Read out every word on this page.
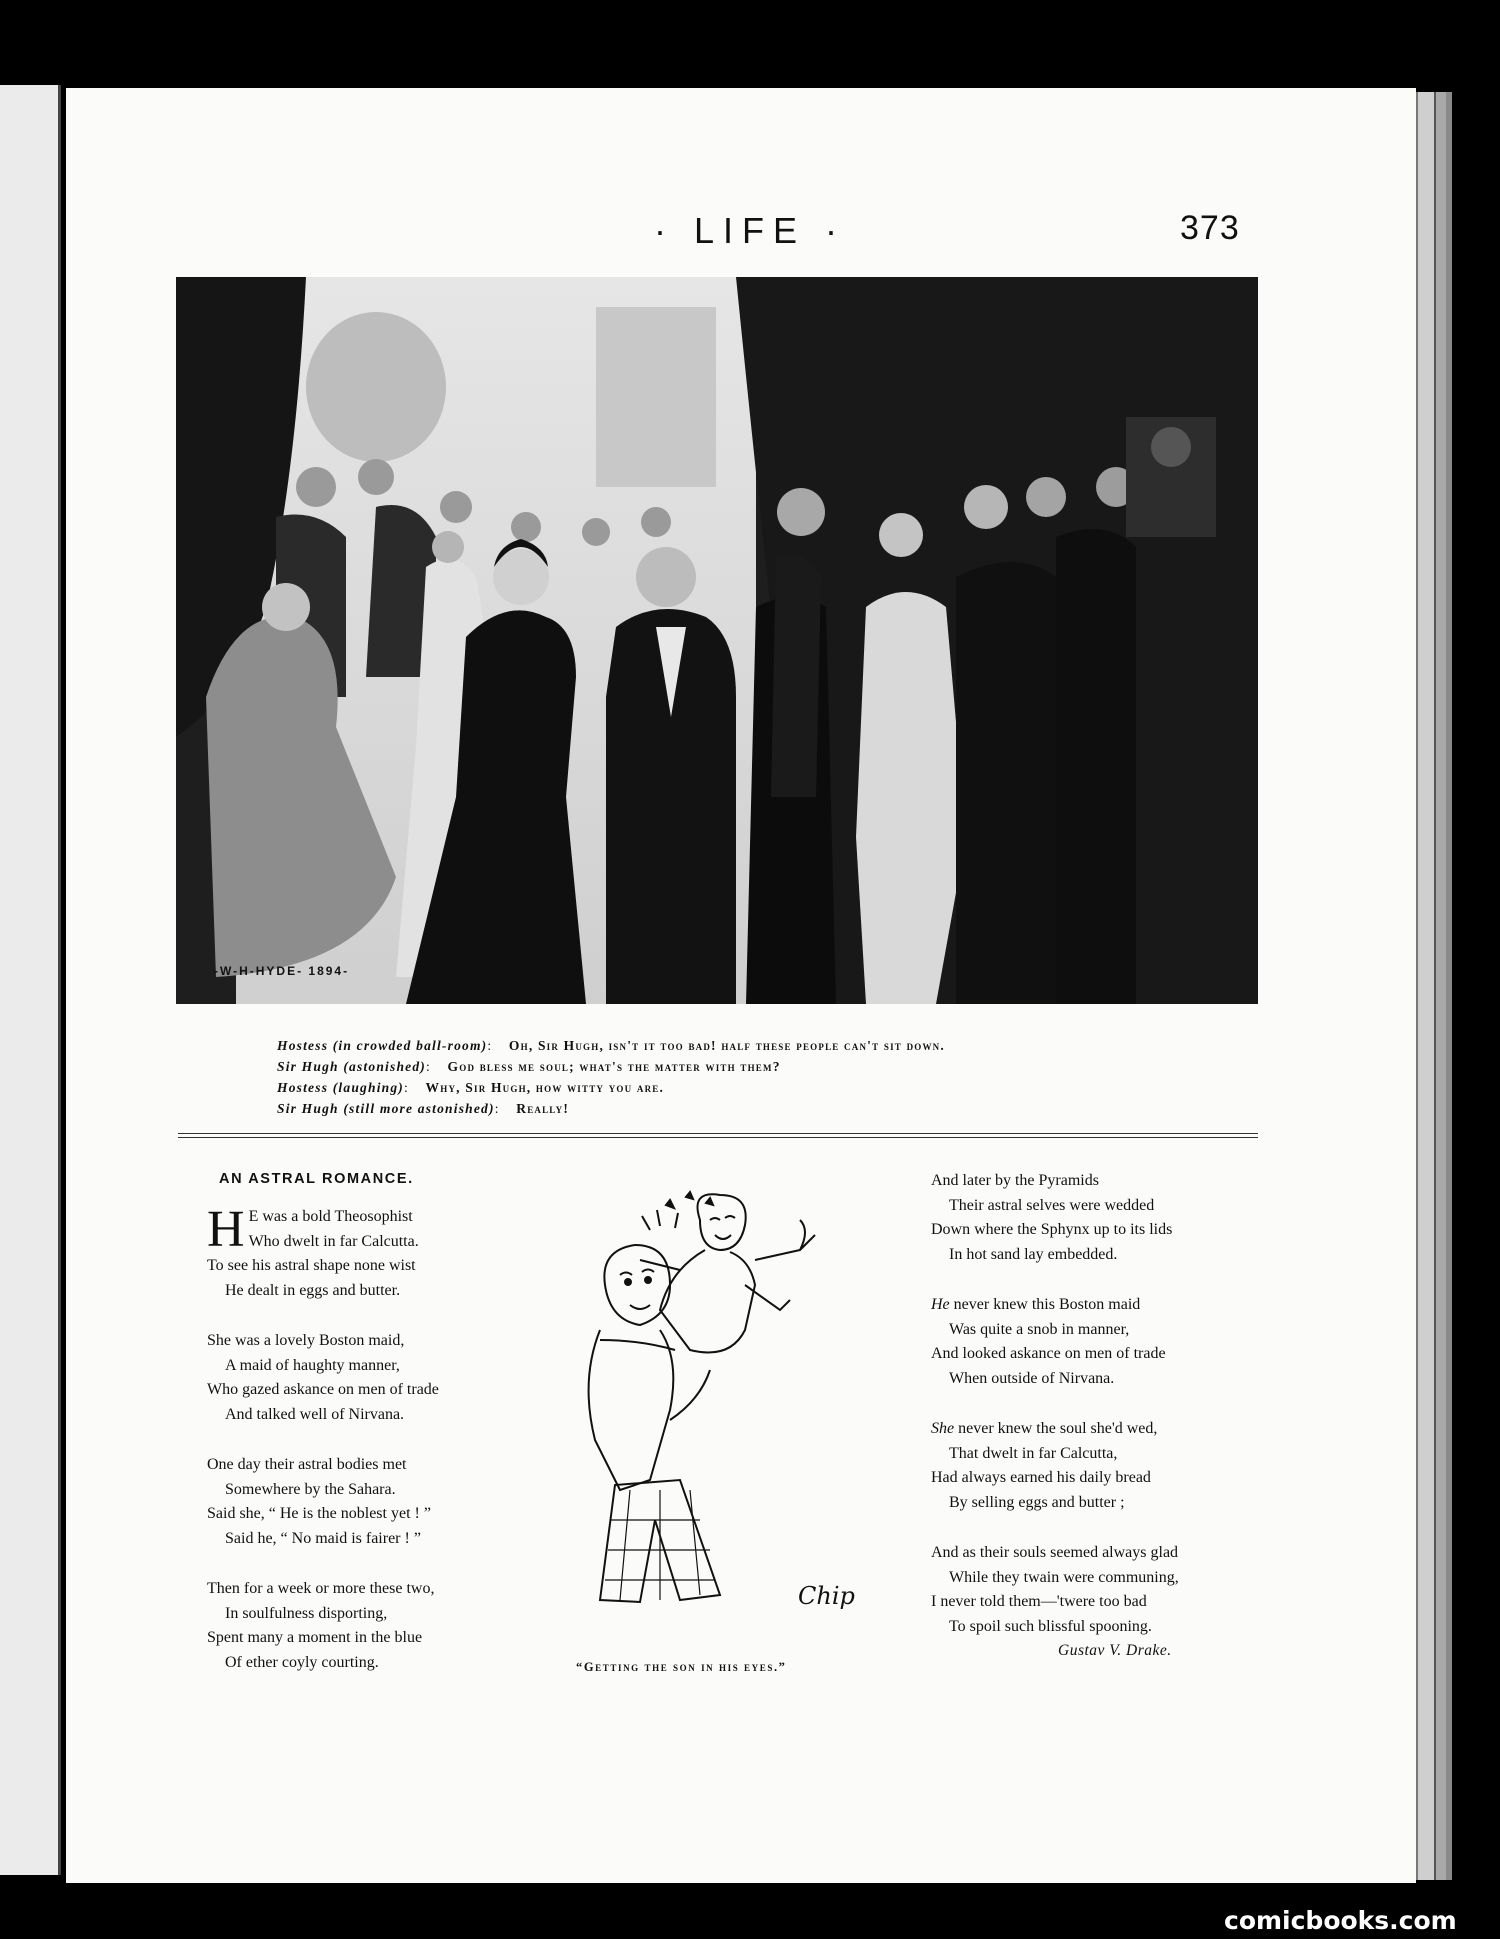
· LIFE ·	373
-W-H-HYDE- 1894-
Hostess (in crowded ball-room): Oh, Sir Hugh, isn't it too bad! half these people can't sit down.
Sir Hugh (astonished): God bless me soul; what's the matter with them?
Hostess (laughing): Why, Sir Hugh, how witty you are.
Sir Hugh (still more astonished): Really!
AN ASTRAL ROMANCE.
H E was a bold Theosophist
Who dwelt in far Calcutta.
To see his astral shape none wist
He dealt in eggs and butter.
She was a lovely Boston maid,
A maid of haughty manner,
Who gazed askance on men of trade
And talked well of Nirvana.
One day their astral bodies met
Somewhere by the Sahara.
Said she, “ He is the noblest yet ! ”
Said he, “ No maid is fairer ! ”
Then for a week or more these two,
In soulfulness disporting,
Spent many a moment in the blue
Of ether coyly courting.
And later by the Pyramids
Their astral selves were wedded
Down where the Sphynx up to its lids
In hot sand lay embedded.
He never knew this Boston maid
Was quite a snob in manner,
And looked askance on men of trade
When outside of Nirvana.
She never knew the soul she'd wed,
That dwelt in far Calcutta,
Had always earned his daily bread
By selling eggs and butter ;
And as their souls seemed always glad
While they twain were communing,
I never told them—'twere too bad
To spoil such blissful spooning.
Gustav V. Drake.
“Getting the son in his eyes.”
Chip
comicbooks.com
